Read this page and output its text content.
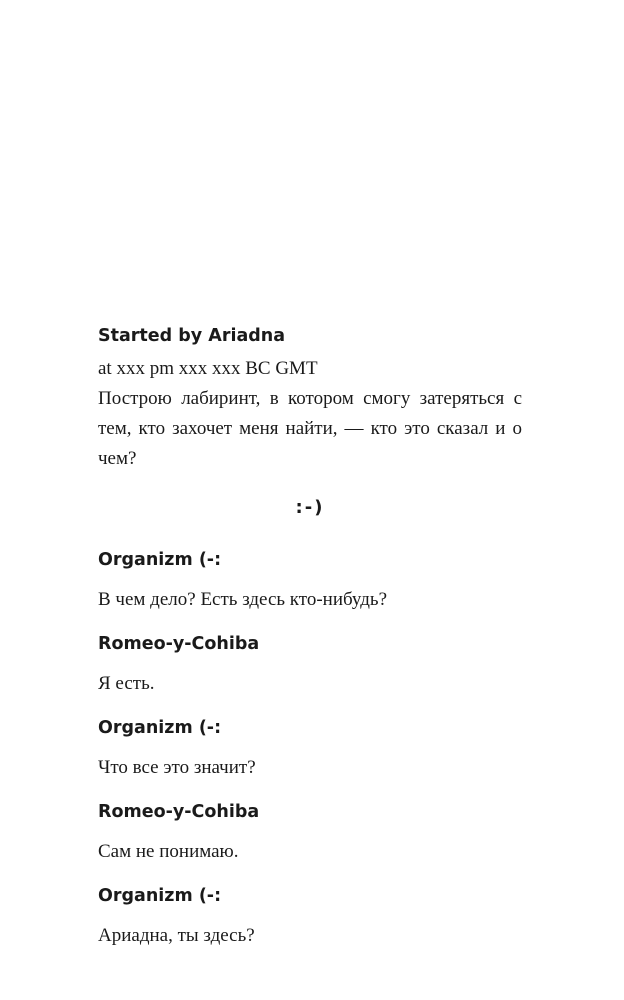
Started by Ariadna

at xxx pm xxx xxx BC GMT

Построю лабиринт, в котором смогу затеряться с тем, кто захочет меня найти, — кто это сказал и о чем?

:-)

Organizm (-:

В чем дело? Есть здесь кто-нибудь?

Romeo-y-Cohiba

Я есть.

Organizm (-:

Что все это значит?

Romeo-y-Cohiba

Сам не понимаю.

Organizm (-:

Ариадна, ты здесь?
